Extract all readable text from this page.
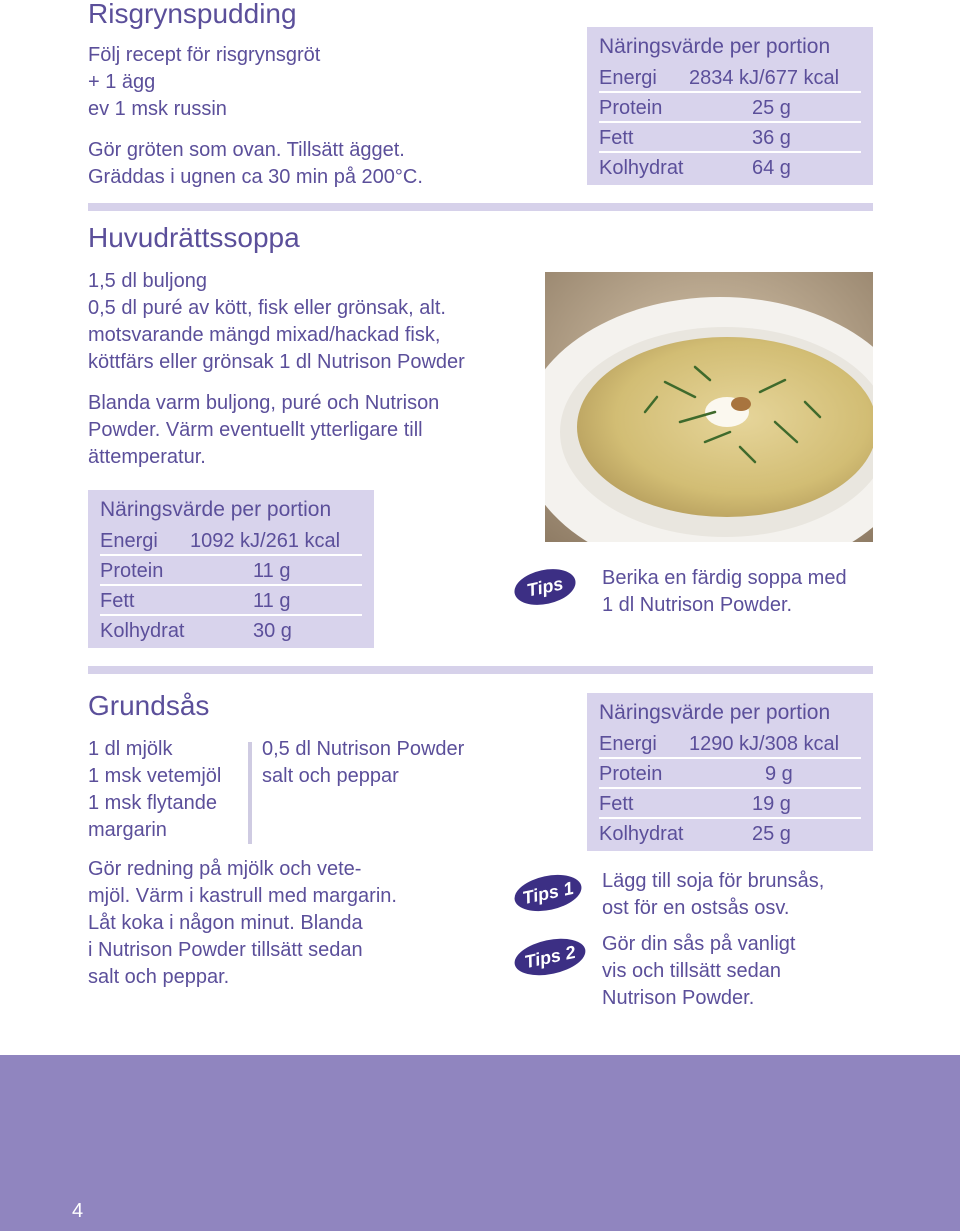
Risgrynspudding
Följ recept för risgrynsgröt
+ 1 ägg
ev 1 msk russin
Gör gröten som ovan. Tillsätt ägget.
Gräddas i ugnen ca 30 min på 200°C.
Näringsvärde per portion
Energi 2834 kJ/677 kcal
Protein	25 g
Fett	36 g
Kolhydrat	64 g
Huvudrättssoppa
1,5 dl buljong
0,5 dl puré av kött, fisk eller grönsak, alt.
motsvarande mängd mixad/hackad fisk,
köttfärs eller grönsak 1 dl Nutrison Powder
Blanda varm buljong, puré och Nutrison
Powder. Värm eventuellt ytterligare till
ättemperatur.
Näringsvärde per portion
Energi 1092 kJ/261 kcal
Protein	11 g
Fett	11 g
Kolhydrat	30 g
Tips	Berika en färdig soppa med
1 dl Nutrison Powder.
Grundsås
1 dl mjölk
1 msk vetemjöl
1 msk flytande
margarin
0,5 dl Nutrison Powder
salt och peppar
Gör redning på mjölk och vete-
mjöl. Värm i kastrull med margarin.
Låt koka i någon minut. Blanda
i Nutrison Powder tillsätt sedan
salt och peppar.
Näringsvärde per portion
Energi 1290 kJ/308 kcal
Protein	9 g
Fett	19 g
Kolhydrat	25 g
Tips 1	Lägg till soja för brunsås,
ost för en ostsås osv.
Tips 2	Gör din sås på vanligt
vis och tillsätt sedan
Nutrison Powder.
4
